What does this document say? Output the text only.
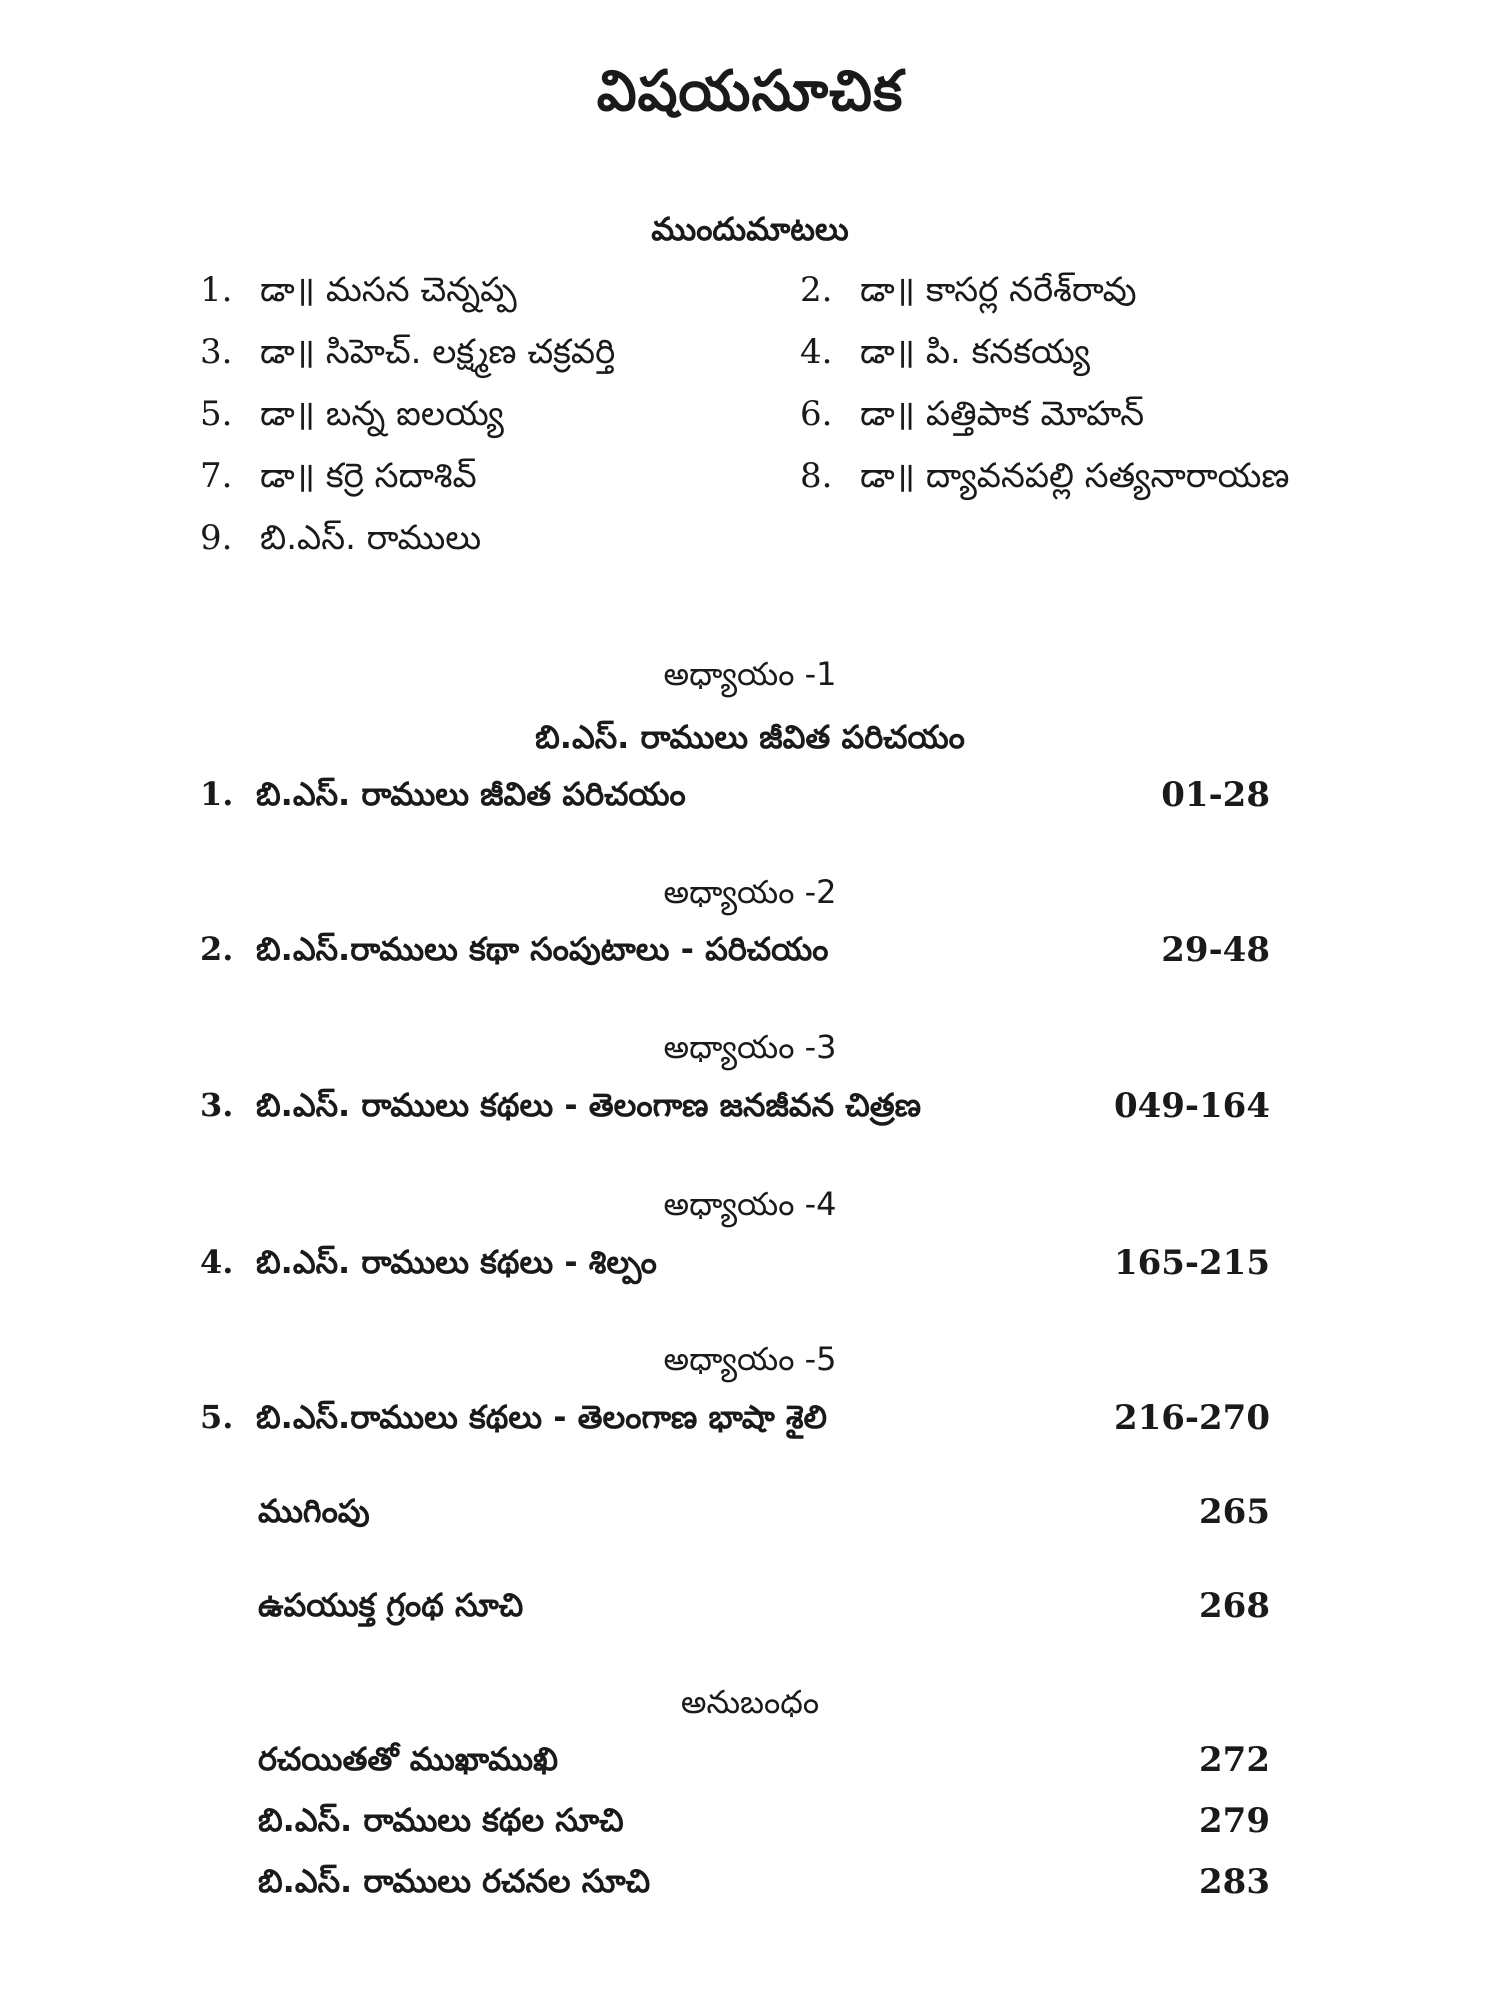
విషయసూచిక
ముందుమాటలు
1. డా॥ మసన చెన్నప్ప	2. డా॥ కాసర్ల నరేశ్‌రావు
3. డా॥ సిహెచ్. లక్ష్మణ చక్రవర్తి	4. డా॥ పి. కనకయ్య
5. డా॥ బన్న ఐలయ్య	6. డా॥ పత్తిపాక మోహన్
7. డా॥ కర్రె సదాశివ్	8. డా॥ ద్యావనపల్లి సత్యనారాయణ
9. బి.ఎస్. రాములు
అధ్యాయం -1
బి.ఎస్. రాములు జీవిత పరిచయం
1. బి.ఎస్. రాములు జీవిత పరిచయం	01-28
అధ్యాయం -2
2. బి.ఎస్.రాములు కథా సంపుటాలు - పరిచయం	29-48
అధ్యాయం -3
3. బి.ఎస్. రాములు కథలు - తెలంగాణ జనజీవన చిత్రణ	049-164
అధ్యాయం -4
4. బి.ఎస్. రాములు కథలు - శిల్పం	165-215
అధ్యాయం -5
5. బి.ఎస్.రాములు కథలు - తెలంగాణ భాషా శైలి	216-270
ముగింపు	265
ఉపయుక్త గ్రంథ సూచి	268
అనుబంధం
రచయితతో ముఖాముఖి	272
బి.ఎస్. రాములు కథల సూచి	279
బి.ఎస్. రాములు రచనల సూచి	283
